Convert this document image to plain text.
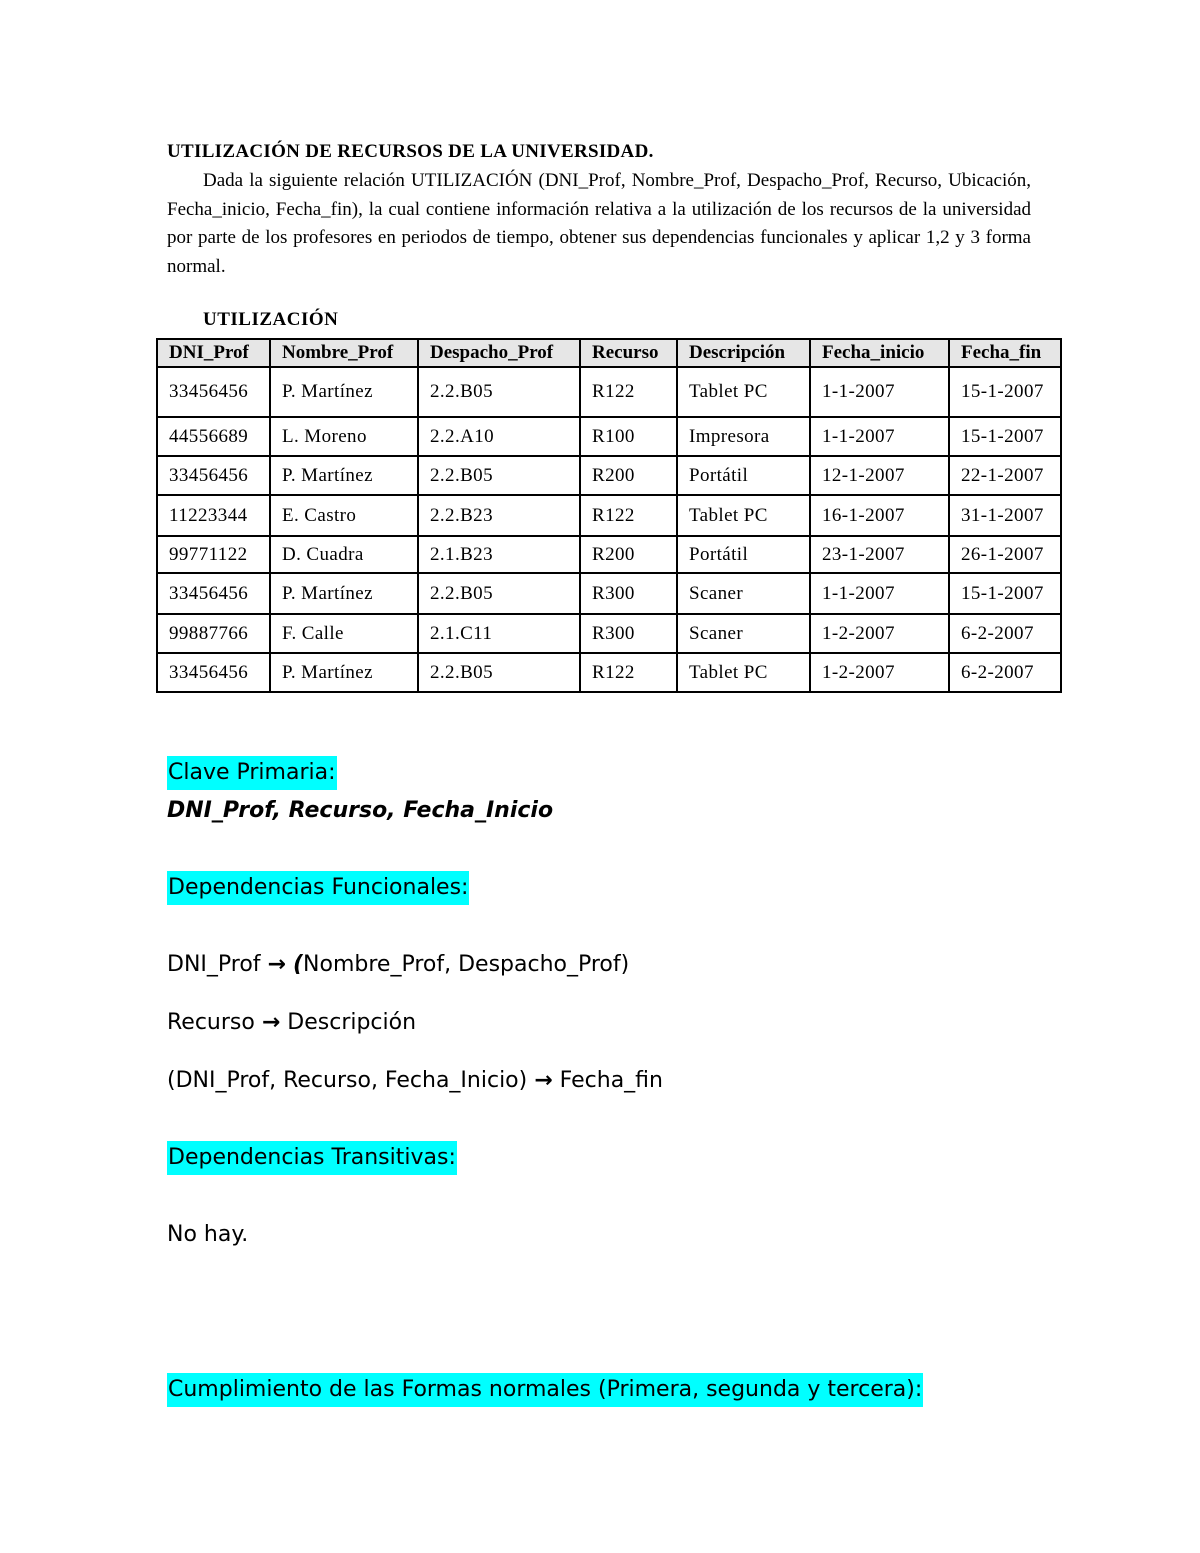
UTILIZACIÓN DE RECURSOS DE LA UNIVERSIDAD.

Dada la siguiente relación UTILIZACIÓN (DNI_Prof, Nombre_Prof, Despacho_Prof, Recurso, Ubicación, Fecha_inicio, Fecha_fin), la cual contiene información relativa a la utilización de los recursos de la universidad por parte de los profesores en periodos de tiempo, obtener sus dependencias funcionales y aplicar 1,2 y 3 forma normal.

UTILIZACIÓN
DNI_Prof	Nombre_Prof	Despacho_Prof	Recurso	Descripción	Fecha_inicio	Fecha_fin
33456456	P. Martínez	2.2.B05	R122	Tablet PC	1-1-2007	15-1-2007
44556689	L. Moreno	2.2.A10	R100	Impresora	1-1-2007	15-1-2007
33456456	P. Martínez	2.2.B05	R200	Portátil	12-1-2007	22-1-2007
11223344	E. Castro	2.2.B23	R122	Tablet PC	16-1-2007	31-1-2007
99771122	D. Cuadra	2.1.B23	R200	Portátil	23-1-2007	26-1-2007
33456456	P. Martínez	2.2.B05	R300	Scaner	1-1-2007	15-1-2007
99887766	F. Calle	2.1.C11	R300	Scaner	1-2-2007	6-2-2007
33456456	P. Martínez	2.2.B05	R122	Tablet PC	1-2-2007	6-2-2007
Clave Primaria:
DNI_Prof, Recurso, Fecha_Inicio
Dependencias Funcionales:
DNI_Prof → (Nombre_Prof, Despacho_Prof)
Recurso → Descripción
(DNI_Prof, Recurso, Fecha_Inicio) → Fecha_fin
Dependencias Transitivas:
No hay.
Cumplimiento de las Formas normales (Primera, segunda y tercera):
